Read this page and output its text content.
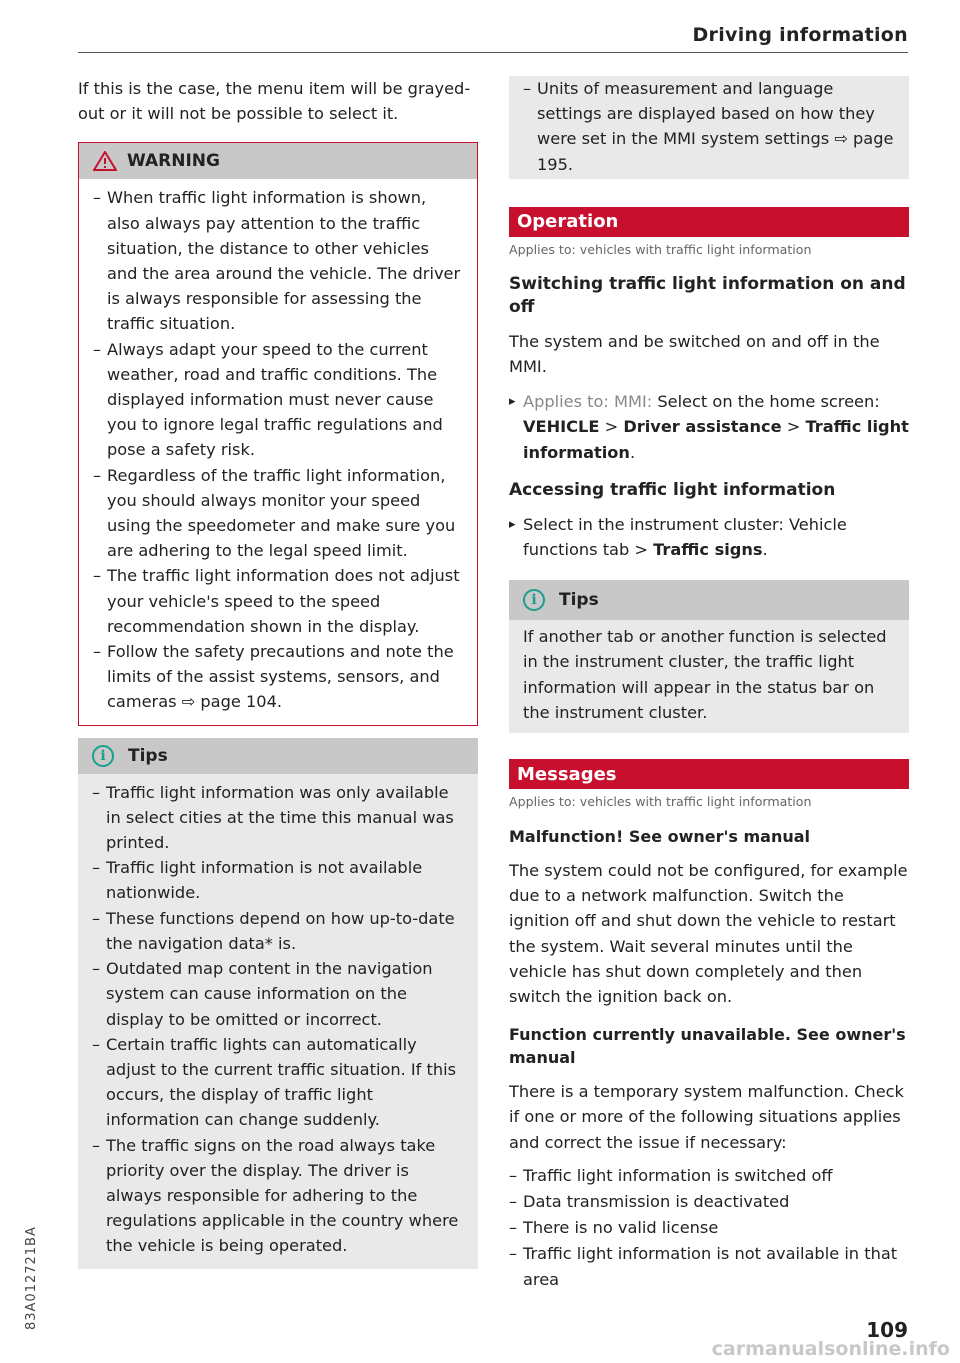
Driving information

If this is the case, the menu item will be grayed-out or it will not be possible to select it.

WARNING
– When traffic light information is shown, also always pay attention to the traffic situation, the distance to other vehicles and the area around the vehicle. The driver is always responsible for assessing the traffic situation.
– Always adapt your speed to the current weather, road and traffic conditions. The displayed information must never cause you to ignore legal traffic regulations and pose a safety risk.
– Regardless of the traffic light information, you should always monitor your speed using the speedometer and make sure you are adhering to the legal speed limit.
– The traffic light information does not adjust your vehicle's speed to the speed recommendation shown in the display.
– Follow the safety precautions and note the limits of the assist systems, sensors, and cameras ⇨ page 104.
i	Tips
– Traffic light information was only available in select cities at the time this manual was printed.
– Traffic light information is not available nationwide.
– These functions depend on how up-to-date the navigation data* is.
– Outdated map content in the navigation system can cause information on the display to be omitted or incorrect.
– Certain traffic lights can automatically adjust to the current traffic situation. If this occurs, the display of traffic light information can change suddenly.
– The traffic signs on the road always take priority over the display. The driver is always responsible for adhering to the regulations applicable in the country where the vehicle is being operated.
– Units of measurement and language settings are displayed based on how they were set in the MMI system settings ⇨ page 195.
Operation
Applies to: vehicles with traffic light information
Switching traffic light information on and off

The system and be switched on and off in the MMI.

▸ Applies to: MMI: Select on the home screen: VEHICLE > Driver assistance > Traffic light information.
Accessing traffic light information
▸ Select in the instrument cluster: Vehicle functions tab > Traffic signs.
i	Tips

If another tab or another function is selected in the instrument cluster, the traffic light information will appear in the status bar on the instrument cluster.

Messages
Applies to: vehicles with traffic light information
Malfunction! See owner's manual

The system could not be configured, for example due to a network malfunction. Switch the ignition off and shut down the vehicle to restart the system. Wait several minutes until the vehicle has shut down completely and then switch the ignition back on.

Function currently unavailable. See owner's manual

There is a temporary system malfunction. Check if one or more of the following situations applies and correct the issue if necessary:

– Traffic light information is switched off
– Data transmission is deactivated
– There is no valid license
– Traffic light information is not available in that area
83A012721BA	109
carmanualsonline.info
